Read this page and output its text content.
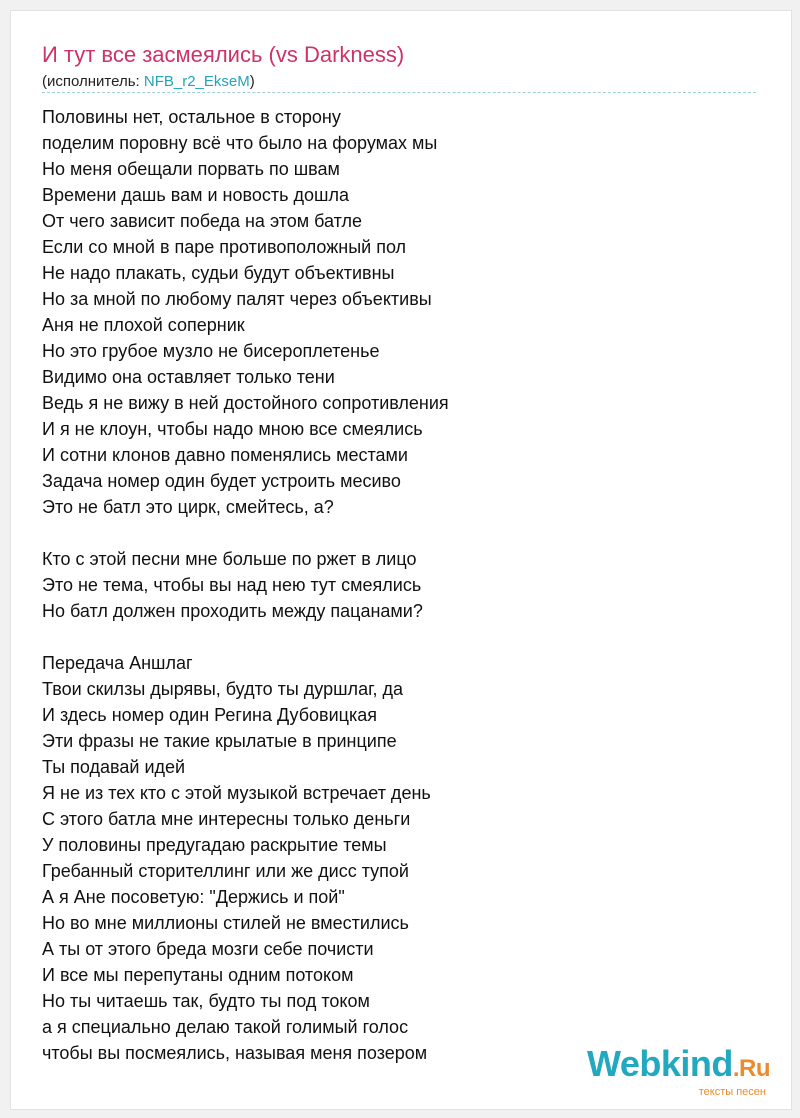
И тут все засмеялись (vs Darkness)
(исполнитель: NFB_r2_EkseM)
Половины нет, остальное в сторону
поделим поровну всё что было на форумах мы
Но меня обещали порвать по швам
Времени дашь вам и новость дошла
От чего зависит победа на этом батле
Если со мной в паре противоположный пол
Не надо плакать, судьи будут объективны
Но за мной по любому палят через объективы
Аня не плохой соперник
Но это грубое музло не бисероплетенье
Видимо она оставляет только тени
Ведь я не вижу в ней достойного сопротивления
И я не клоун, чтобы надо мною все смеялись
И сотни клонов давно поменялись местами
Задача номер один будет устроить месиво
Это не батл это цирк, смейтесь, а?
Кто с этой песни мне больше по ржет в лицо
Это не тема, чтобы вы над нею тут смеялись
Но батл должен проходить между пацанами?
Передача Аншлаг
Твои скилзы дырявы, будто ты дуршлаг, да
И здесь номер один Регина Дубовицкая
Эти фразы не такие крылатые в принципе
Ты подавай идей
Я не из тех кто с этой музыкой встречает день
С этого батла мне интересны только деньги
У половины предугадаю раскрытие темы
Гребанный сторителлинг или же дисс тупой
А я Ане посоветую: "Держись и пой"
Но во мне миллионы стилей не вместились
А ты от этого бреда мозги себе почисти
И все мы перепутаны одним потоком
Но ты читаешь так, будто ты под током
а я специально делаю такой голимый голос
чтобы вы посмеялись, называя меня позером	Webkind.Ru
тексты песен
